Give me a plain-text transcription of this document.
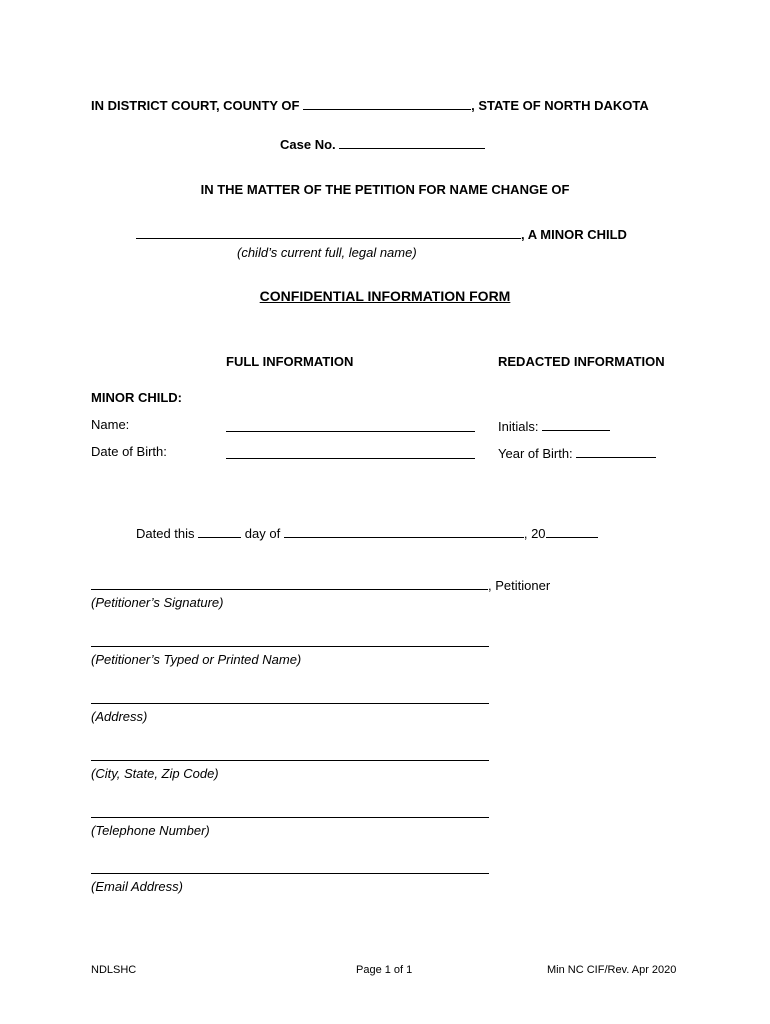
IN DISTRICT COURT, COUNTY OF	, STATE OF NORTH DAKOTA
Case No.
IN THE MATTER OF THE PETITION FOR NAME CHANGE OF
, A MINOR CHILD
(child’s current full, legal name)
CONFIDENTIAL INFORMATION FORM
FULL INFORMATION	REDACTED INFORMATION
MINOR CHILD:
Name:	Initials:
Date of Birth:	Year of Birth:
Dated this	day of	, 20
, Petitioner
(Petitioner’s Signature)
(Petitioner’s Typed or Printed Name)
(Address)
(City, State, Zip Code)
(Telephone Number)
(Email Address)
NDLSHC	Page 1 of 1	Min NC CIF/Rev. Apr 2020
